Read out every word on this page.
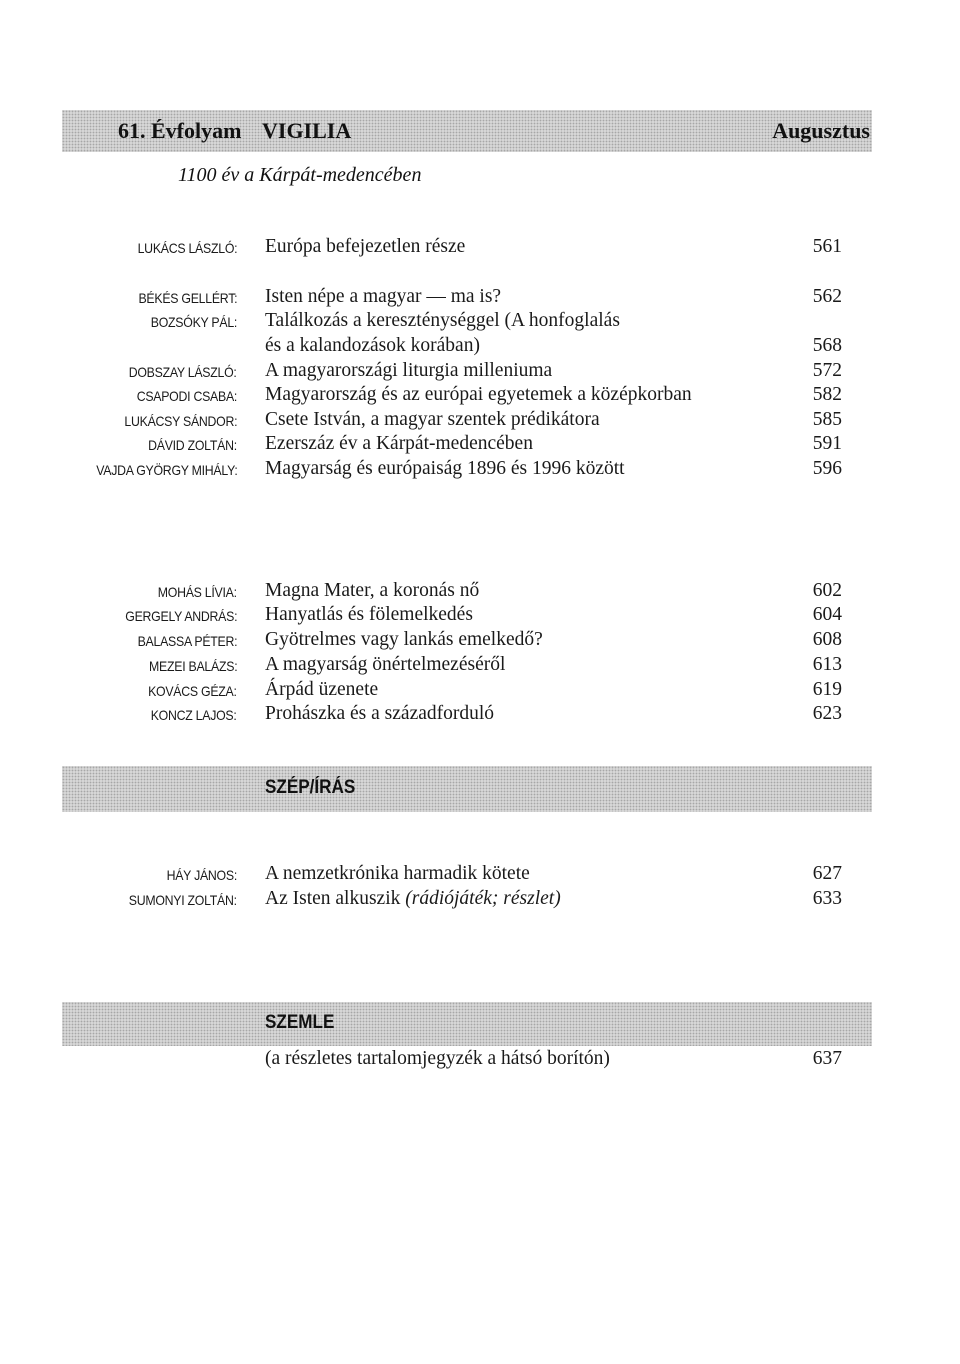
61. Évfolyam VIGILIA	Augusztus
1100 év a Kárpát-medencében
LUKÁCS LÁSZLÓ: Európa befejezetlen része	561
BÉKÉS GELLÉRT: Isten népe a magyar — ma is?	562
BOZSÓKY PÁL: Találkozás a kereszténységgel (A honfoglalás
és a kalandozások korában)	568
DOBSZAY LÁSZLÓ: A magyarországi liturgia milleniuma	572
CSAPODI CSABA: Magyarország és az európai egyetemek a középkorban	582
LUKÁCSY SÁNDOR: Csete István, a magyar szentek prédikátora	585
DÁVID ZOLTÁN: Ezerszáz év a Kárpát-medencében	591
VAJDA GYÖRGY MIHÁLY: Magyarság és európaiság 1896 és 1996 között	596
MOHÁS LÍVIA: Magna Mater, a koronás nő	602
GERGELY ANDRÁS: Hanyatlás és fölemelkedés	604
BALASSA PÉTER: Gyötrelmes vagy lankás emelkedő?	608
MEZEI BALÁZS: A magyarság önértelmezéséről	613
KOVÁCS GÉZA: Árpád üzenete	619
KONCZ LAJOS: Prohászka és a századforduló	623
SZÉP/ÍRÁS
HÁY JÁNOS: A nemzetkrónika harmadik kötete	627
SUMONYI ZOLTÁN: Az Isten alkuszik (rádiójáték; részlet)	633
SZEMLE
(a részletes tartalomjegyzék a hátsó borítón)	637
